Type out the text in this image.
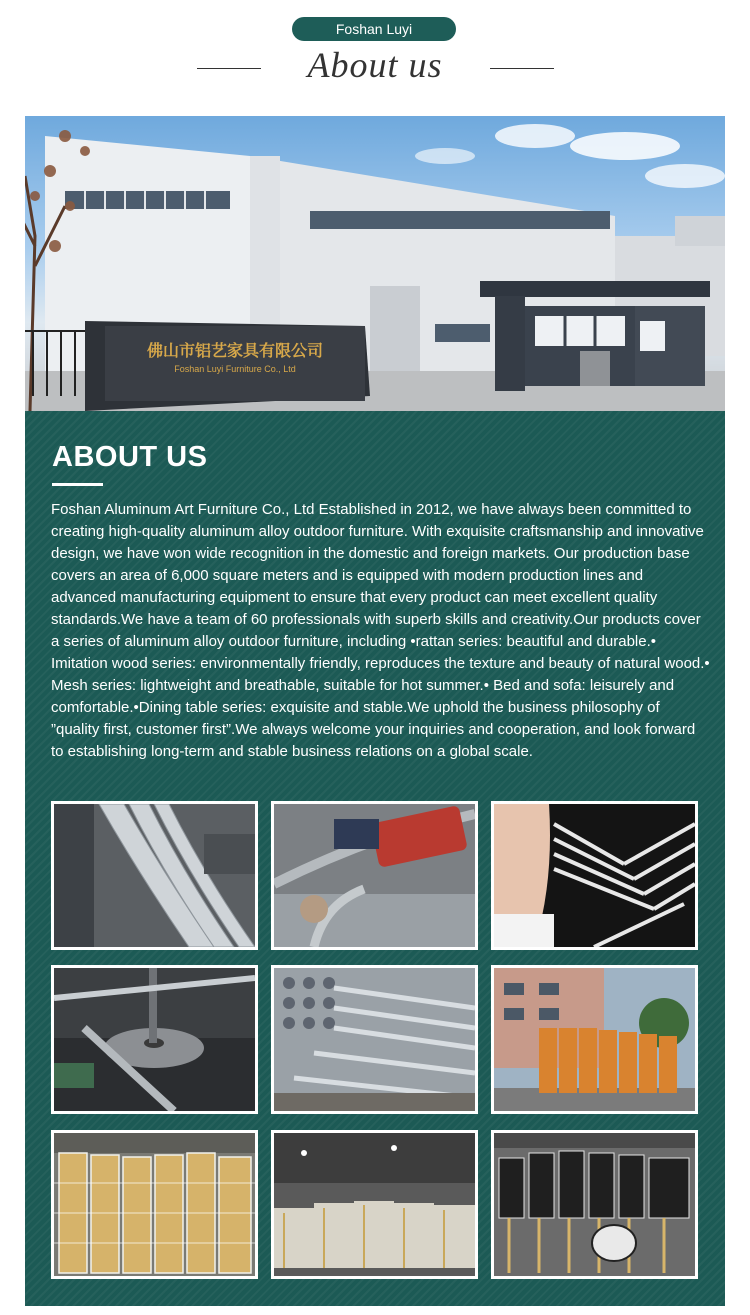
Foshan Luyi
About us
佛山市铝艺家具有限公司
Foshan Luyi Furniture Co., Ltd
ABOUT US
Foshan Aluminum Art Furniture Co., Ltd Established in 2012, we have always been committed to creating high-quality aluminum alloy outdoor furniture. With exquisite craftsmanship and innovative design, we have won wide recognition in the domestic and foreign markets. Our production base covers an area of 6,000 square meters and is equipped with modern production lines and advanced manufacturing equipment to ensure that every product can meet excellent quality standards.We have a team of 60 professionals with superb skills and creativity.Our products cover a series of aluminum alloy outdoor furniture, including •rattan series: beautiful and durable.• Imitation wood series: environmentally friendly, reproduces the texture and beauty of natural wood.• Mesh series: lightweight and breathable, suitable for hot summer.• Bed and sofa: leisurely and comfortable.•Dining table series: exquisite and stable.We uphold the business philosophy of ”quality first, customer first”.We always welcome your inquiries and cooperation, and look forward to establishing long-term and stable business relations on a global scale.
